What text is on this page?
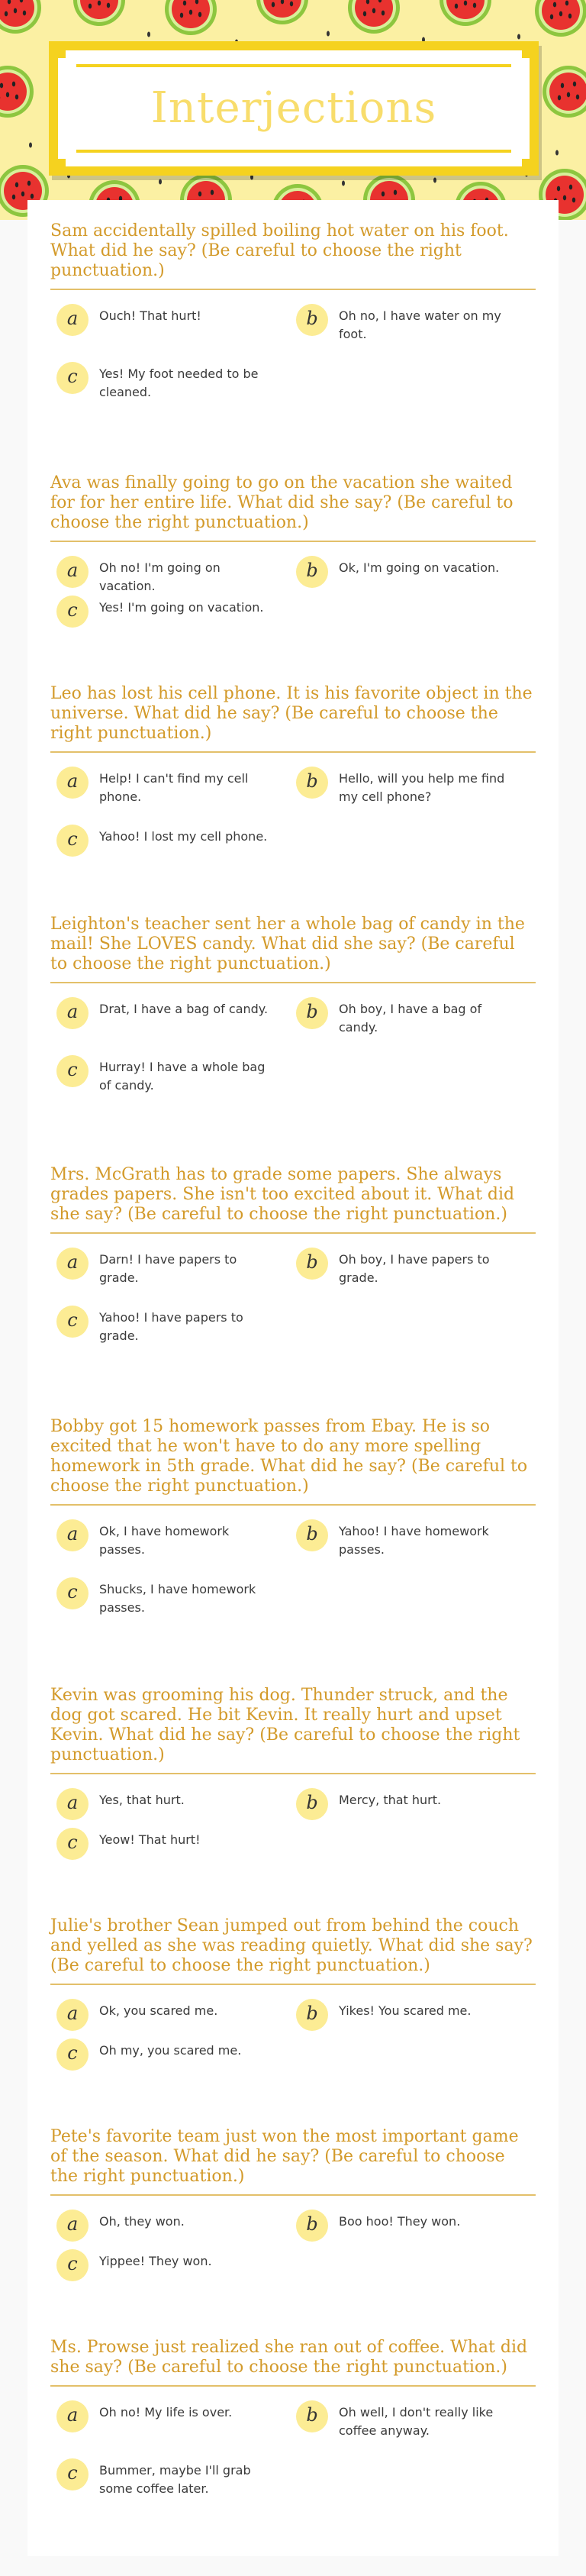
Interjections
Sam accidentally spilled boiling hot water on his foot. What did he say? (Be careful to choose the right punctuation.)
a	Ouch! That hurt!	b	Oh no, I have water on my foot.
c	Yes! My foot needed to be cleaned.
Ava was finally going to go on the vacation she waited for for her entire life. What did she say? (Be careful to choose the right punctuation.)
a	Oh no! I'm going on vacation.
b	Ok, I'm going on vacation.
c	Yes! I'm going on vacation.
Leo has lost his cell phone. It is his favorite object in the universe. What did he say? (Be careful to choose the right punctuation.)
a	Help! I can't find my cell phone.
b	Hello, will you help me find my cell phone?
c	Yahoo! I lost my cell phone.
Leighton's teacher sent her a whole bag of candy in the mail! She LOVES candy. What did she say? (Be careful to choose the right punctuation.)
a	Drat, I have a bag of candy.	b	Oh boy, I have a bag of candy.
c	Hurray! I have a whole bag of candy.
Mrs. McGrath has to grade some papers. She always grades papers. She isn't too excited about it. What did she say? (Be careful to choose the right punctuation.)
a	Darn! I have papers to grade.
b	Oh boy, I have papers to grade.
c	Yahoo! I have papers to grade.
Bobby got 15 homework passes from Ebay. He is so excited that he won't have to do any more spelling homework in 5th grade. What did he say? (Be careful to choose the right punctuation.)
a	Ok, I have homework passes.
b	Yahoo! I have homework passes.
c	Shucks, I have homework passes.
Kevin was grooming his dog. Thunder struck, and the dog got scared. He bit Kevin. It really hurt and upset Kevin. What did he say? (Be careful to choose the right punctuation.)
a	Yes, that hurt.	b	Mercy, that hurt.
c	Yeow! That hurt!
Julie's brother Sean jumped out from behind the couch and yelled as she was reading quietly. What did she say? (Be careful to choose the right punctuation.)
a	Ok, you scared me.	b	Yikes! You scared me.
c	Oh my, you scared me.
Pete's favorite team just won the most important game of the season. What did he say? (Be careful to choose the right punctuation.)
a	Oh, they won.	b	Boo hoo! They won.
c	Yippee! They won.
Ms. Prowse just realized she ran out of coffee. What did she say? (Be careful to choose the right punctuation.)
a	Oh no! My life is over.	b	Oh well, I don't really like coffee anyway.
c	Bummer, maybe I'll grab some coffee later.
